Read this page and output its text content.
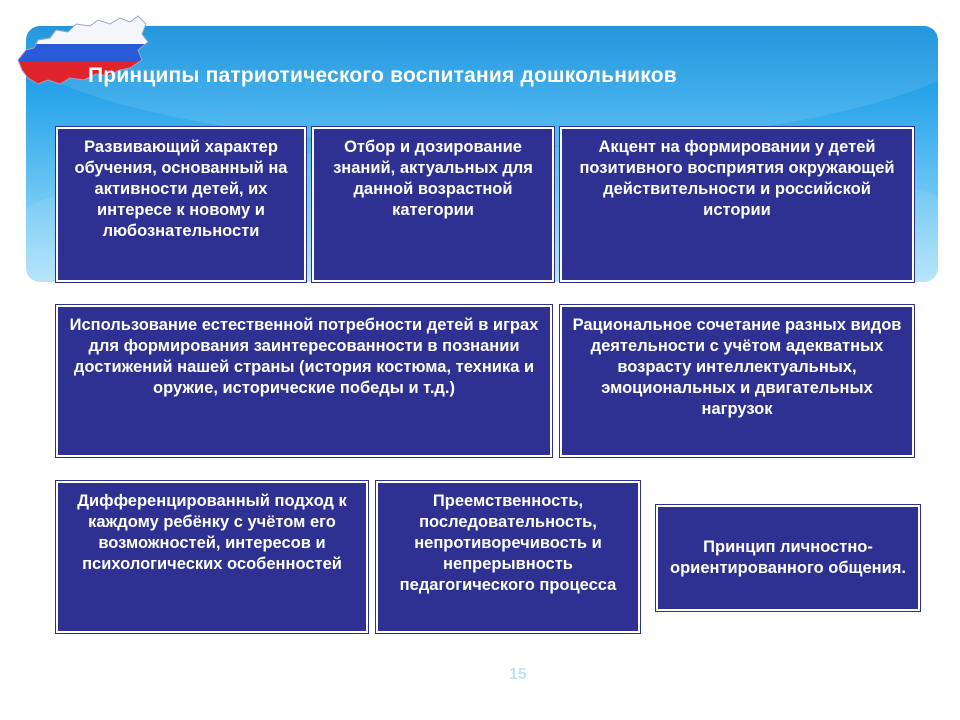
Принципы патриотического воспитания дошкольников
Развивающий характер обучения, основанный на активности детей, их интересе к новому и любознательности
Отбор и дозирование знаний, актуальных для данной возрастной категории
Акцент на формировании у детей позитивного восприятия окружающей действительности и российской истории
Использование естественной потребности детей в играх для формирования заинтересованности в познании достижений нашей страны (история костюма, техника и оружие, исторические победы и т.д.)
Рациональное сочетание разных видов деятельности с учётом адекватных возрасту интеллектуальных, эмоциональных и двигательных нагрузок
Дифференцированный подход к каждому ребёнку с учётом его возможностей, интересов и психологических особенностей
Преемственность, последовательность, непротиворечивость и непрерывность педагогического процесса
Принцип личностно-ориентированного общения.
15
